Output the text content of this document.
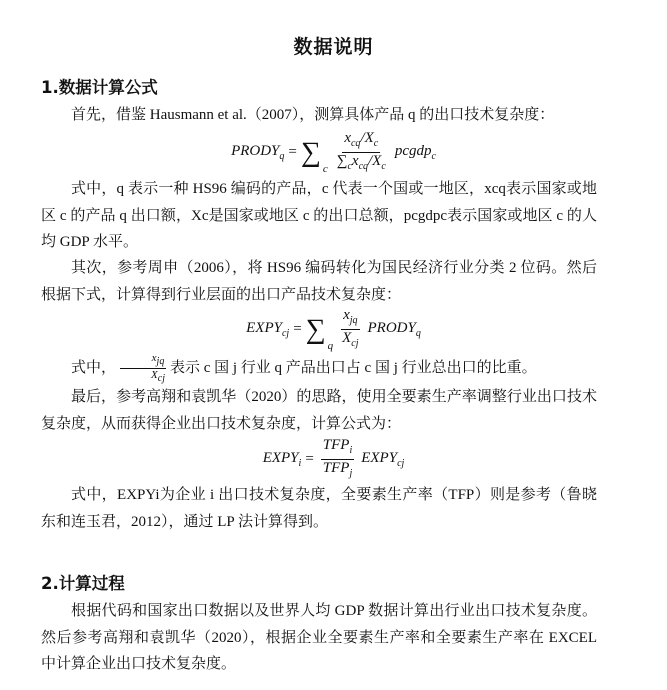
数据说明
1.数据计算公式
首先，借鉴 Hausmann et al.（2007），测算具体产品 q 的出口技术复杂度：
$PRODY_q$ = ∑
c $\frac{x_{cq}/X_c}{\sum_cx_{cq}/X_c}$ pcgdp$_c$
式中，q 表示一种 HS96 编码的产品，c 代表一个国或一地区，xcq表示国家或地区 c 的产品 q 出口额，Xc是国家或地区 c 的出口总额，pcgdpc表示国家或地区 c 的人均 GDP 水平。
其次，参考周申（2006），将 HS96 编码转化为国民经济行业分类 2 位码。然后根据下式，计算得到行业层面的出口产品技术复杂度：
$EXPY_{cj}$ = ∑
q $\frac{x_{jq}}{X_{cj}}$ $PRODY_q$
式中， $\frac{x_{jq}}{X_{cj}}$ 表示 c 国 j 行业 q 产品出口占 c 国 j 行业总出口的比重。
最后，参考高翔和袁凯华（2020）的思路，使用全要素生产率调整行业出口技术复杂度，从而获得企业出口技术复杂度，计算公式为：
$EXPY_i = \frac{TFP_i}{TFP_j}$ $EXPY_{cj}$
式中，EXPYi为企业 i 出口技术复杂度，全要素生产率（TFP）则是参考（鲁晓东和连玉君，2012），通过 LP 法计算得到。
2.计算过程
根据代码和国家出口数据以及世界人均 GDP 数据计算出行业出口技术复杂度。然后参考高翔和袁凯华（2020），根据企业全要素生产率和全要素生产率在 EXCEL 中计算企业出口技术复杂度。
